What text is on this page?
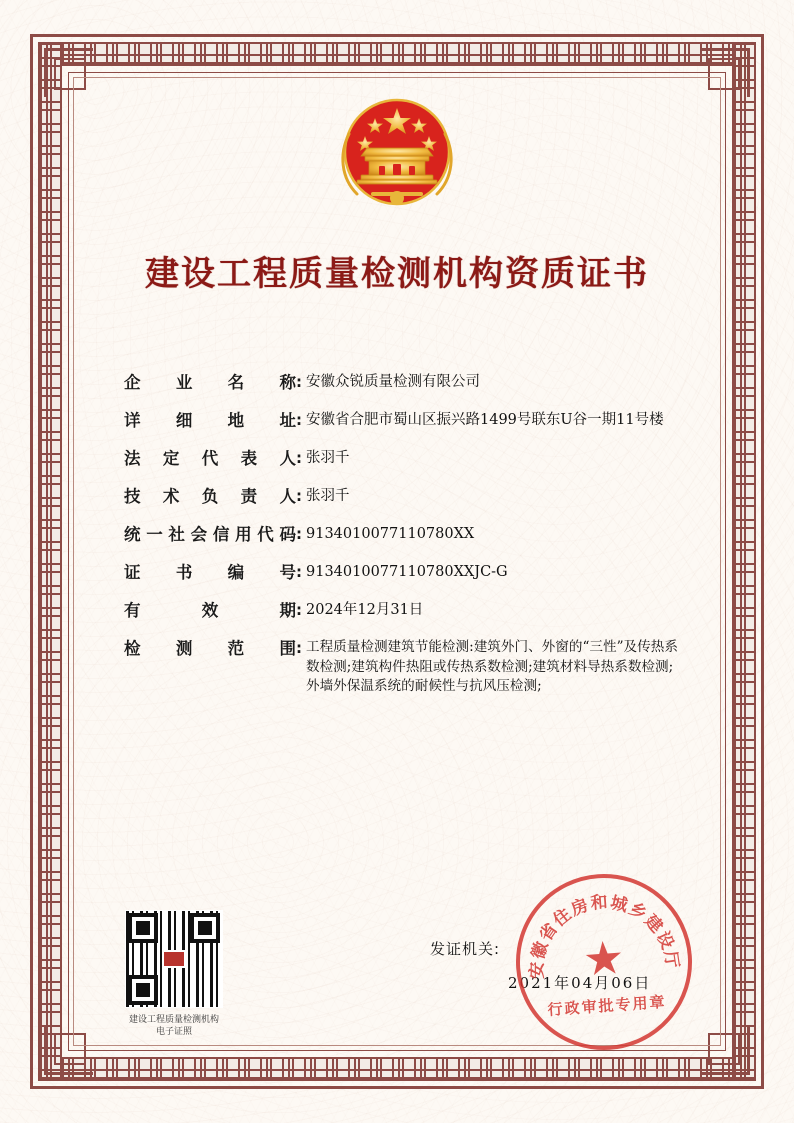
建设工程质量检测机构资质证书
企 业 名 称 : 安徽众锐质量检测有限公司
详 细 地 址 : 安徽省合肥市蜀山区振兴路1499号联东U谷一期11号楼
法 定 代 表 人 : 张羽千
技 术 负 责 人 : 张羽千
统一社会信用代码 : 9134010077110780XX
证 书 编 号 : 9134010077110780XXJC-G
有 效 期 : 2024年12月31日
检 测 范 围 : 工程质量检测建筑节能检测:建筑外门、外窗的“三性”及传热系数检测;建筑构件热阻或传热系数检测;建筑材料导热系数检测;外墙外保温系统的耐候性与抗风压检测;
建设工程质量检测机构
电子证照
发证机关:
2021年04月06日
安徽省住房和城乡建设厅
★
行政审批专用章
